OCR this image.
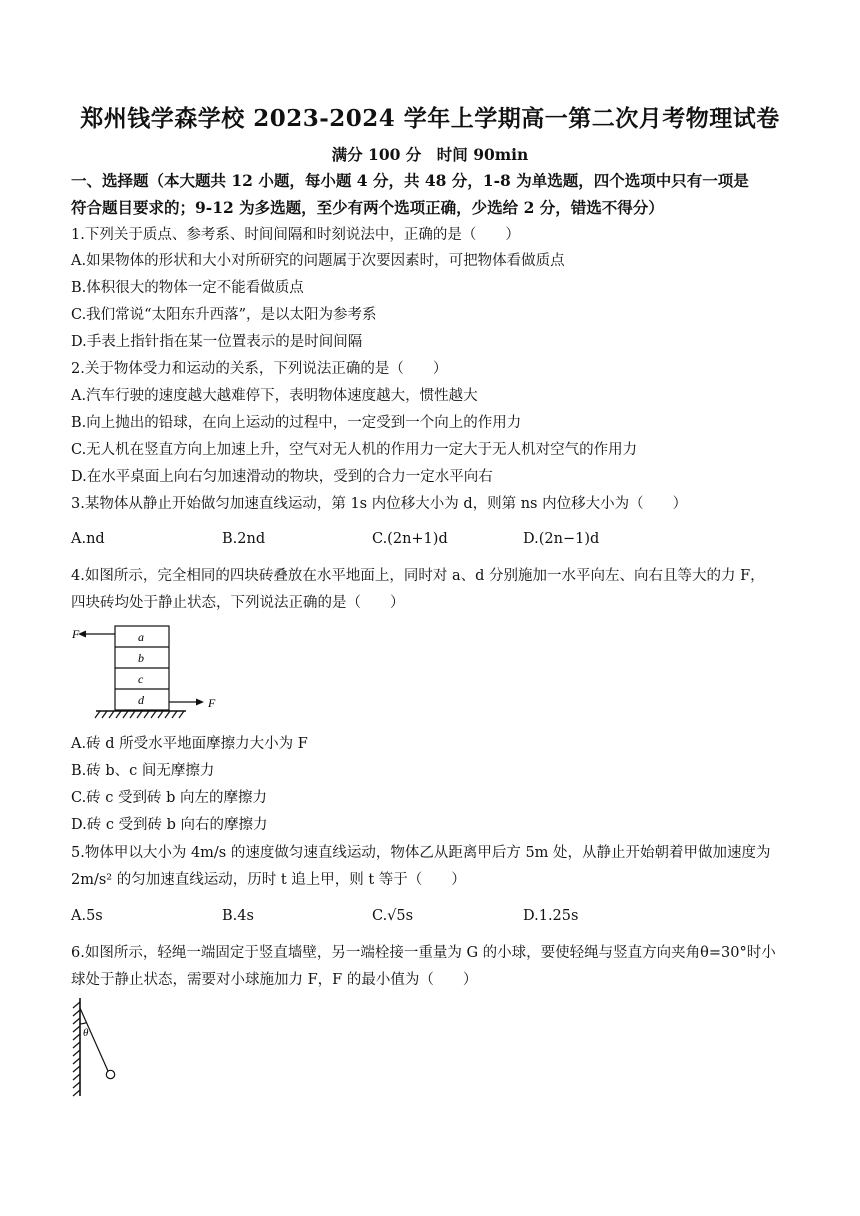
郑州钱学森学校 2023-2024 学年上学期高一第二次月考物理试卷
满分 100 分　时间 90min
一、选择题（本大题共 12 小题，每小题 4 分，共 48 分，1-8 为单选题，四个选项中只有一项是
符合题目要求的；9-12 为多选题，至少有两个选项正确，少选给 2 分，错选不得分）
1.下列关于质点、参考系、时间间隔和时刻说法中，正确的是（　　）
A.如果物体的形状和大小对所研究的问题属于次要因素时，可把物体看做质点
B.体积很大的物体一定不能看做质点
C.我们常说“太阳东升西落”，是以太阳为参考系
D.手表上指针指在某一位置表示的是时间间隔
2.关于物体受力和运动的关系，下列说法正确的是（　　）
A.汽车行驶的速度越大越难停下，表明物体速度越大，惯性越大
B.向上抛出的铅球，在向上运动的过程中，一定受到一个向上的作用力
C.无人机在竖直方向上加速上升，空气对无人机的作用力一定大于无人机对空气的作用力
D.在水平桌面上向右匀加速滑动的物块，受到的合力一定水平向右
3.某物体从静止开始做匀加速直线运动，第 1s 内位移大小为 d，则第 ns 内位移大小为（　　）
A.nd	B.2nd	C.(2n+1)d	D.(2n−1)d
4.如图所示，完全相同的四块砖叠放在水平地面上，同时对 a、d 分别施加一水平向左、向右且等大的力 F，
四块砖均处于静止状态，下列说法正确的是（　　）
F	a
b
c
d	F
A.砖 d 所受水平地面摩擦力大小为 F
B.砖 b、c 间无摩擦力
C.砖 c 受到砖 b 向左的摩擦力
D.砖 c 受到砖 b 向右的摩擦力
5.物体甲以大小为 4m/s 的速度做匀速直线运动，物体乙从距离甲后方 5m 处，从静止开始朝着甲做加速度为
2m/s² 的匀加速直线运动，历时 t 追上甲，则 t 等于（　　）
A.5s	B.4s	C.√5s	D.1.25s
6.如图所示，轻绳一端固定于竖直墙壁，另一端栓接一重量为 G 的小球，要使轻绳与竖直方向夹角θ=30°时小
球处于静止状态，需要对小球施加力 F，F 的最小值为（　　）
θ
